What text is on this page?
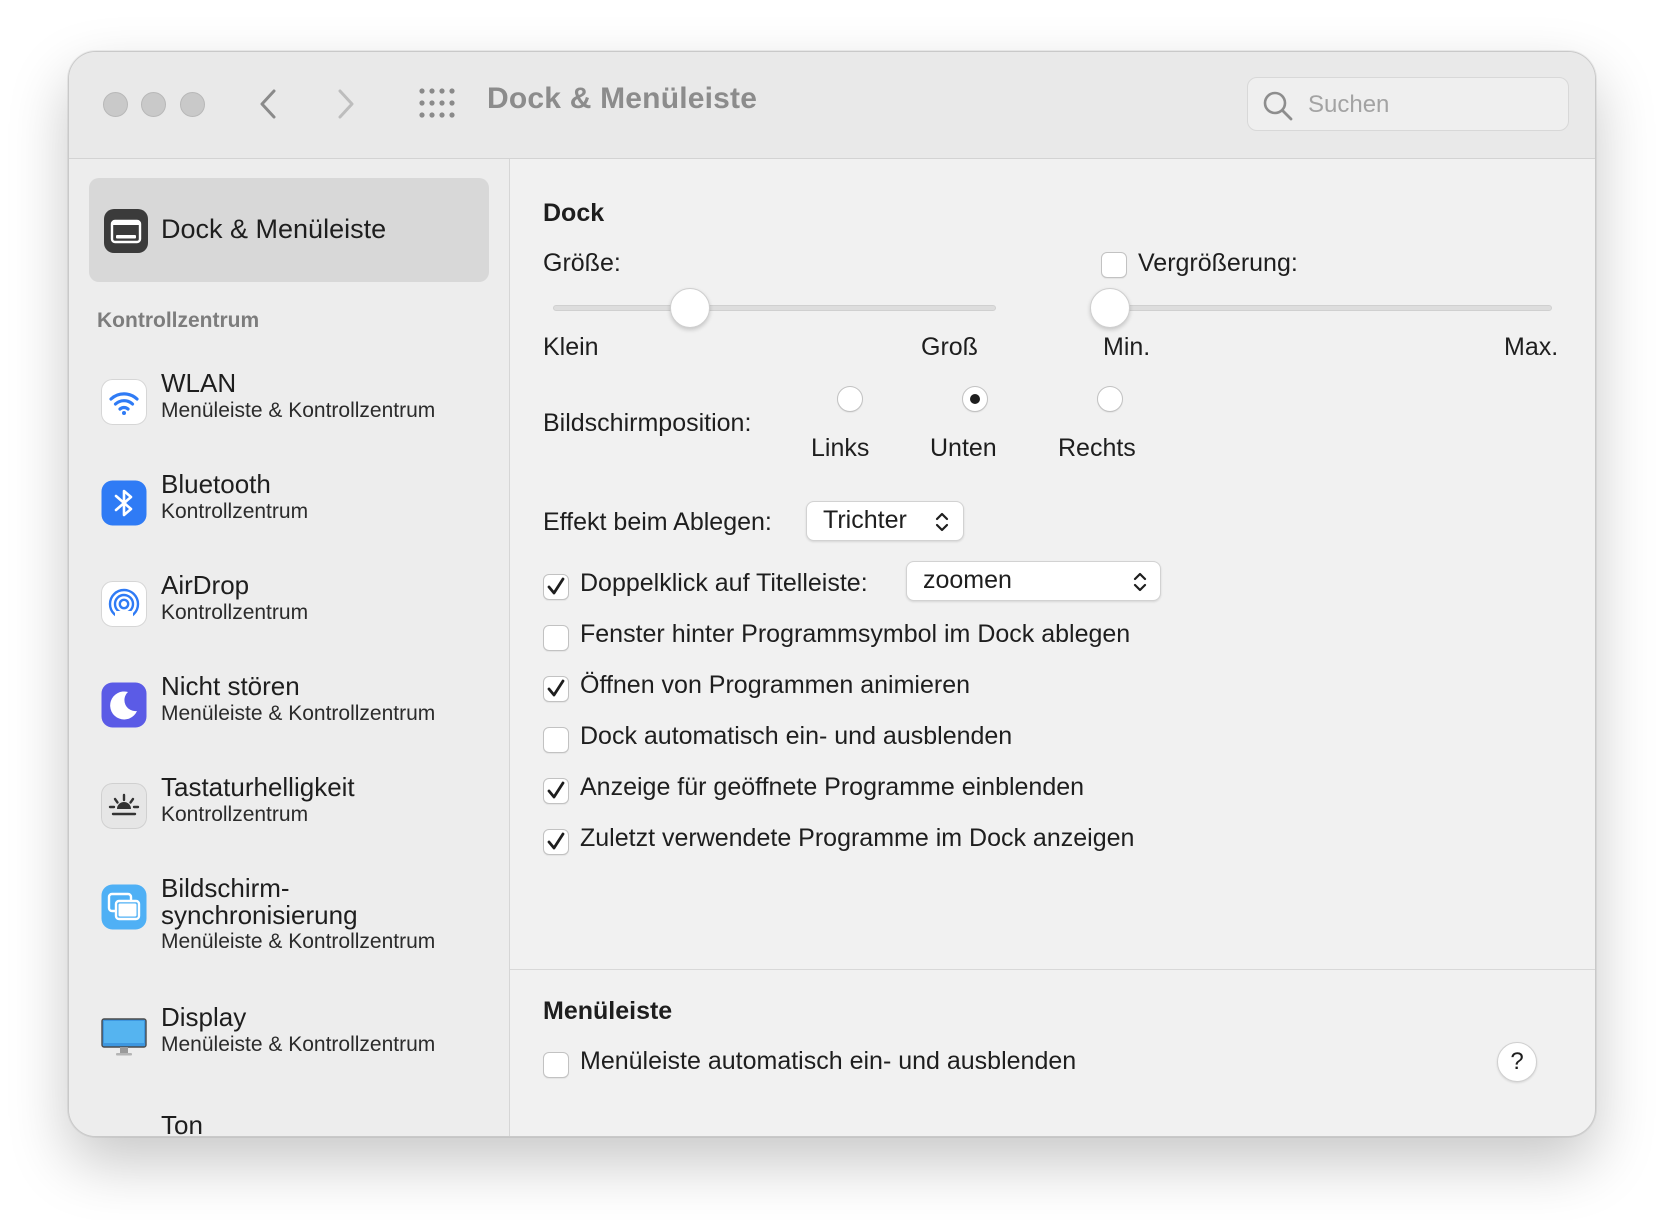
Dock & Menüleiste	Suchen
Dock & Menüleiste
Kontrollzentrum
WLAN
Menüleiste & Kontrollzentrum
Bluetooth
Kontrollzentrum
AirDrop
Kontrollzentrum
Nicht stören
Menüleiste & Kontrollzentrum
Tastaturhelligkeit
Kontrollzentrum
Bildschirm-
synchronisierung
Menüleiste & Kontrollzentrum
Display
Menüleiste & Kontrollzentrum
Ton
Dock
Größe:
Klein	Groß
Vergrößerung:
Min.	Max.
Bildschirmposition:
Links Unten Rechts
Effekt beim Ablegen: Trichter
Doppelklick auf Titelleiste: zoomen
Fenster hinter Programmsymbol im Dock ablegen
Öffnen von Programmen animieren
Dock automatisch ein- und ausblenden
Anzeige für geöffnete Programme einblenden
Zuletzt verwendete Programme im Dock anzeigen
Menüleiste
Menüleiste automatisch ein- und ausblenden	?
